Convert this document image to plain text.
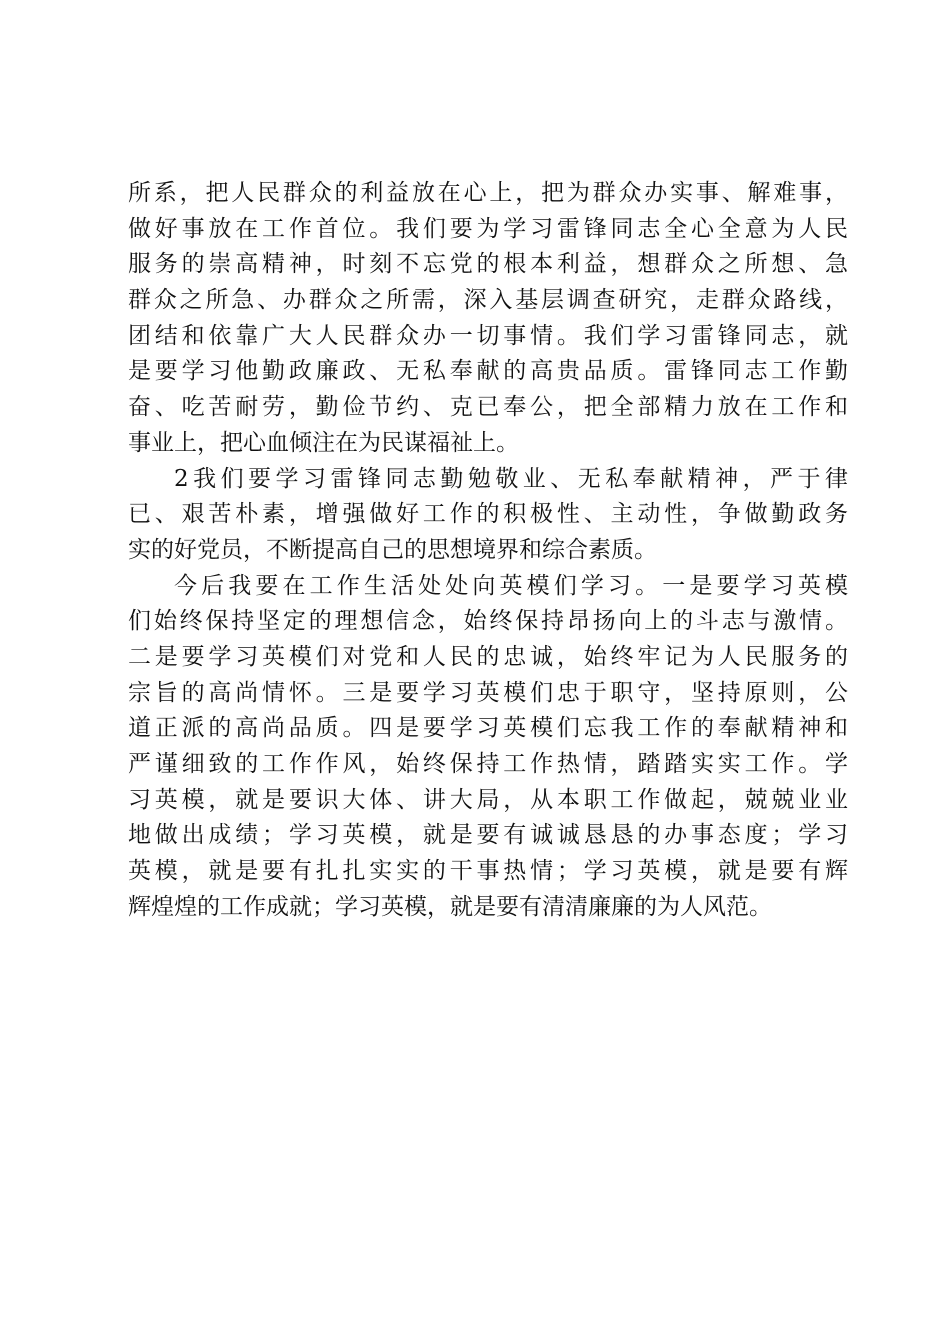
所系，把人民群众的利益放在心上，把为群众办实事、解难事，
做好事放在工作首位。我们要为学习雷锋同志全心全意为人民
服务的崇高精神，时刻不忘党的根本利益，想群众之所想、急
群众之所急、办群众之所需，深入基层调查研究，走群众路线，
团结和依靠广大人民群众办一切事情。我们学习雷锋同志，就
是要学习他勤政廉政、无私奉献的高贵品质。雷锋同志工作勤
奋、吃苦耐劳，勤俭节约、克已奉公，把全部精力放在工作和
事业上，把心血倾注在为民谋福祉上。
2我们要学习雷锋同志勤勉敬业、无私奉献精神，严于律
已、艰苦朴素，增强做好工作的积极性、主动性，争做勤政务
实的好党员，不断提高自己的思想境界和综合素质。
今后我要在工作生活处处向英模们学习。一是要学习英模
们始终保持坚定的理想信念，始终保持昂扬向上的斗志与激情。
二是要学习英模们对党和人民的忠诚，始终牢记为人民服务的
宗旨的高尚情怀。三是要学习英模们忠于职守，坚持原则，公
道正派的高尚品质。四是要学习英模们忘我工作的奉献精神和
严谨细致的工作作风，始终保持工作热情，踏踏实实工作。学
习英模，就是要识大体、讲大局，从本职工作做起，兢兢业业
地做出成绩；学习英模，就是要有诚诚恳恳的办事态度；学习
英模，就是要有扎扎实实的干事热情；学习英模，就是要有辉
辉煌煌的工作成就；学习英模，就是要有清清廉廉的为人风范。
